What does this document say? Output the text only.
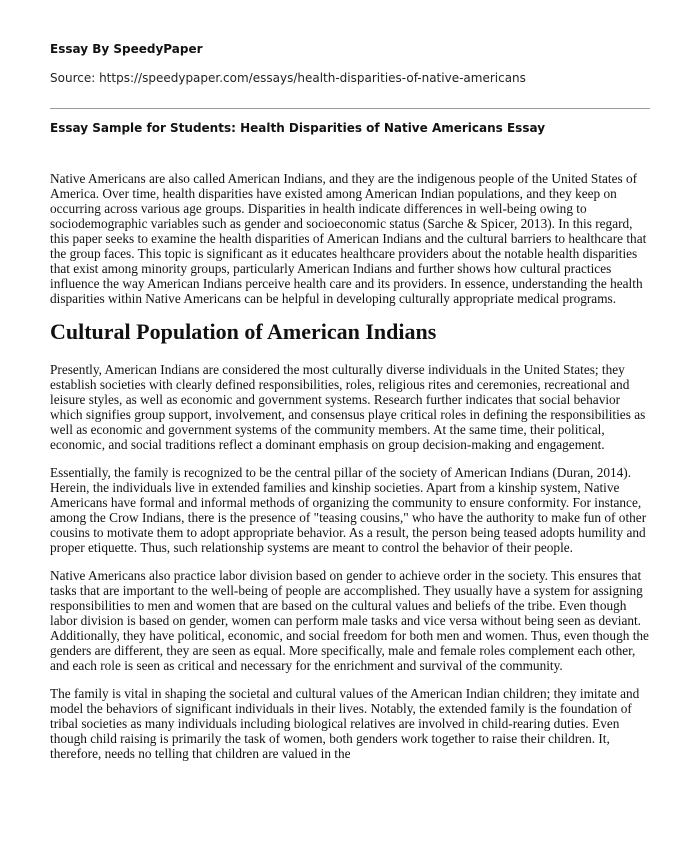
Essay By SpeedyPaper
Source: https://speedypaper.com/essays/health-disparities-of-native-americans
Essay Sample for Students: Health Disparities of Native Americans Essay

Native Americans are also called American Indians, and they are the indigenous people of the United States of America. Over time, health disparities have existed among American Indian populations, and they keep on occurring across various age groups. Disparities in health indicate differences in well-being owing to sociodemographic variables such as gender and socioeconomic status (Sarche & Spicer, 2013). In this regard, this paper seeks to examine the health disparities of American Indians and the cultural barriers to healthcare that the group faces. This topic is significant as it educates healthcare providers about the notable health disparities that exist among minority groups, particularly American Indians and further shows how cultural practices influence the way American Indians perceive health care and its providers. In essence, understanding the health disparities within Native Americans can be helpful in developing culturally appropriate medical programs.

Cultural Population of American Indians

Presently, American Indians are considered the most culturally diverse individuals in the United States; they establish societies with clearly defined responsibilities, roles, religious rites and ceremonies, recreational and leisure styles, as well as economic and government systems. Research further indicates that social behavior which signifies group support, involvement, and consensus playe critical roles in defining the responsibilities as well as economic and government systems of the community members. At the same time, their political, economic, and social traditions reflect a dominant emphasis on group decision-making and engagement.

Essentially, the family is recognized to be the central pillar of the society of American Indians (Duran, 2014). Herein, the individuals live in extended families and kinship societies. Apart from a kinship system, Native Americans have formal and informal methods of organizing the community to ensure conformity. For instance, among the Crow Indians, there is the presence of "teasing cousins," who have the authority to make fun of other cousins to motivate them to adopt appropriate behavior. As a result, the person being teased adopts humility and proper etiquette. Thus, such relationship systems are meant to control the behavior of their people.

Native Americans also practice labor division based on gender to achieve order in the society. This ensures that tasks that are important to the well-being of people are accomplished. They usually have a system for assigning responsibilities to men and women that are based on the cultural values and beliefs of the tribe. Even though labor division is based on gender, women can perform male tasks and vice versa without being seen as deviant. Additionally, they have political, economic, and social freedom for both men and women. Thus, even though the genders are different, they are seen as equal. More specifically, male and female roles complement each other, and each role is seen as critical and necessary for the enrichment and survival of the community.

The family is vital in shaping the societal and cultural values of the American Indian children; they imitate and model the behaviors of significant individuals in their lives. Notably, the extended family is the foundation of tribal societies as many individuals including biological relatives are involved in child-rearing duties. Even though child raising is primarily the task of women, both genders work together to raise their children. It, therefore, needs no telling that children are valued in the
